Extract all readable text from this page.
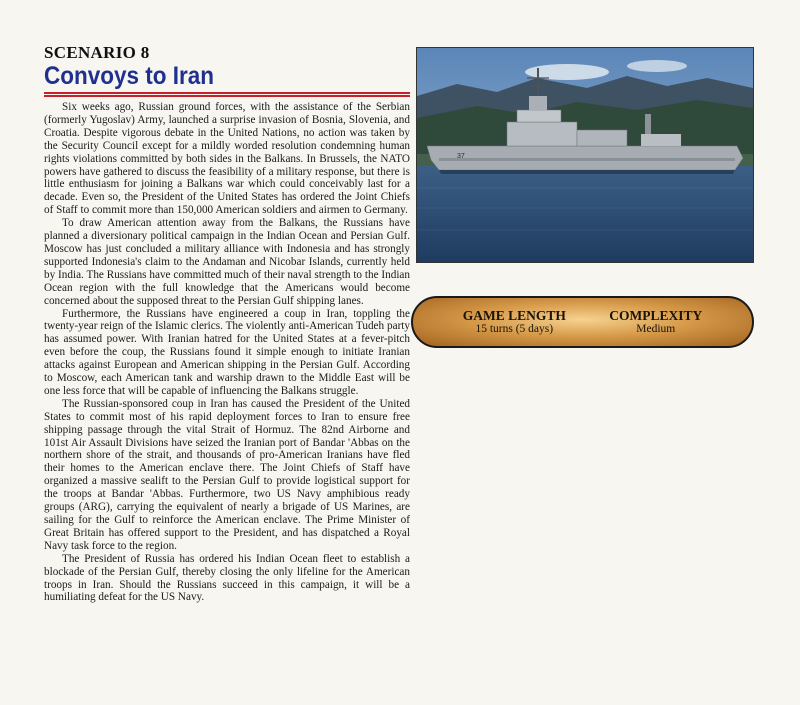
SCENARIO 8
Convoys to Iran

Six weeks ago, Russian ground forces, with the assistance of the Serbian (formerly Yugoslav) Army, launched a surprise invasion of Bosnia, Slovenia, and Croatia. Despite vigorous debate in the United Nations, no action was taken by the Security Council except for a mildly worded resolution condemning human rights violations committed by both sides in the Balkans. In Brussels, the NATO powers have gathered to discuss the feasibility of a military response, but there is little enthusiasm for joining a Balkans war which could conceivably last for a decade. Even so, the President of the United States has ordered the Joint Chiefs of Staff to commit more than 150,000 American soldiers and airmen to Germany.

To draw American attention away from the Balkans, the Russians have planned a diversionary political campaign in the Indian Ocean and Persian Gulf. Moscow has just concluded a military alliance with Indonesia and has strongly supported Indonesia's claim to the Andaman and Nicobar Islands, currently held by India. The Russians have committed much of their naval strength to the Indian Ocean region with the full knowledge that the Americans would become concerned about the supposed threat to the Persian Gulf shipping lanes.

Furthermore, the Russians have engineered a coup in Iran, toppling the twenty-year reign of the Islamic clerics. The violently anti-American Tudeh party has assumed power. With Iranian hatred for the United States at a fever-pitch even before the coup, the Russians found it simple enough to initiate Iranian attacks against European and American shipping in the Persian Gulf. According to Moscow, each American tank and warship drawn to the Middle East will be one less force that will be capable of influencing the Balkans struggle.

The Russian-sponsored coup in Iran has caused the President of the United States to commit most of his rapid deployment forces to Iran to ensure free shipping passage through the vital Strait of Hormuz. The 82nd Airborne and 101st Air Assault Divisions have seized the Iranian port of Bandar 'Abbas on the northern shore of the strait, and thousands of pro-American Iranians have fled their homes to the American enclave there. The Joint Chiefs of Staff have organized a massive sealift to the Persian Gulf to provide logistical support for the troops at Bandar 'Abbas. Furthermore, two US Navy amphibious ready groups (ARG), carrying the equivalent of nearly a brigade of US Marines, are sailing for the Gulf to reinforce the American enclave. The Prime Minister of Great Britain has offered support to the President, and has dispatched a Royal Navy task force to the region.

The President of Russia has ordered his Indian Ocean fleet to establish a blockade of the Persian Gulf, thereby closing the only lifeline for the American troops in Iran. Should the Russians succeed in this campaign, it will be a humiliating defeat for the US Navy.

37
GAME LENGTH
15 turns (5 days)
COMPLEXITY
Medium
